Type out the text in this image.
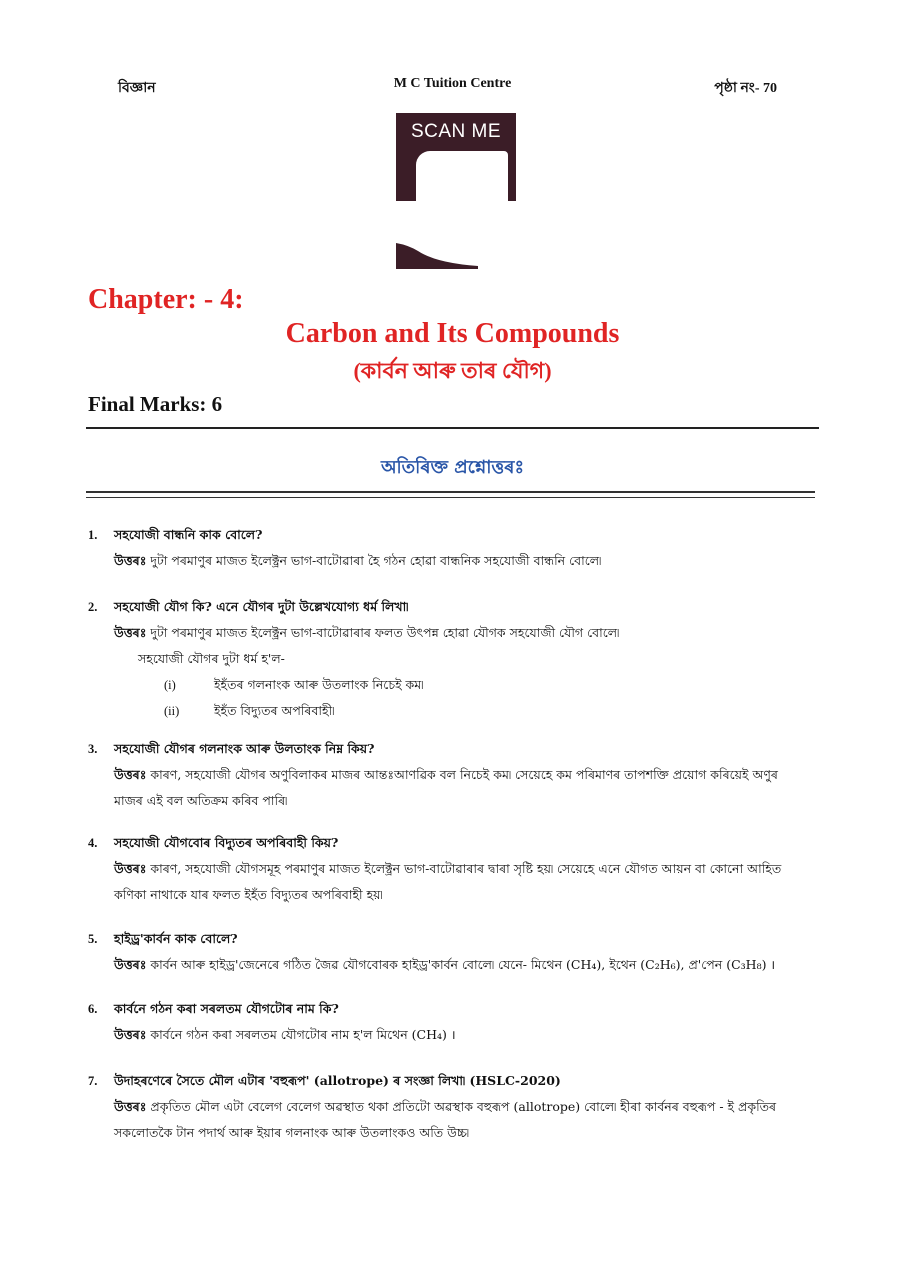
বিজ্ঞান	M C Tuition Centre	পৃষ্ঠা নং- 70
SCAN ME
Chapter: - 4:
Carbon and Its Compounds
(কাৰ্বন আৰু তাৰ যৌগ)
Final Marks: 6
অতিৰিক্ত প্ৰশ্নোত্তৰঃ
1. সহযোজী বান্ধনি কাক বোলে?
উত্তৰঃ দুটা পৰমাণুৰ মাজত ইলেক্ট্ৰন ভাগ-বাটোৱাৰা হৈ গঠন হোৱা বান্ধনিক সহযোজী বান্ধনি বোলে৷
2. সহযোজী যৌগ কি? এনে যৌগৰ দুটা উল্লেখযোগ্য ধৰ্ম লিখা৷
উত্তৰঃ দুটা পৰমাণুৰ মাজত ইলেক্ট্ৰন ভাগ-বাটোৱাৰাৰ ফলত উৎপন্ন হোৱা যৌগক সহযোজী যৌগ বোলে৷
সহযোজী যৌগৰ দুটা ধৰ্ম হ'ল-
(i)	ইহঁতৰ গলনাংক আৰু উতলাংক নিচেই কম৷
(ii)	ইহঁত বিদ্যুতৰ অপৰিবাহী৷
3. সহযোজী যৌগৰ গলনাংক আৰু উলতাংক নিম্ন কিয়?
উত্তৰঃ কাৰণ, সহযোজী যৌগৰ অণুবিলাকৰ মাজৰ আন্তঃআণৱিক বল নিচেই কম৷ সেয়েহে কম পৰিমাণৰ তাপশক্তি প্ৰয়োগ কৰিয়েই অণুৰ
মাজৰ এই বল অতিক্ৰম কৰিব পাৰি৷
4. সহযোজী যৌগবোৰ বিদ্যুতৰ অপৰিবাহী কিয়?
উত্তৰঃ কাৰণ, সহযোজী যৌগসমূহ পৰমাণুৰ মাজত ইলেক্ট্ৰন ভাগ-বাটোৱাৰাৰ দ্বাৰা সৃষ্টি হয়৷ সেয়েহে এনে যৌগত আয়ন বা কোনো আহিত
কণিকা নাথাকে যাৰ ফলত ইহঁত বিদ্যুতৰ অপৰিবাহী হয়৷
5. হাইড্ৰ'কাৰ্বন কাক বোলে?
উত্তৰঃ কাৰ্বন আৰু হাইড্ৰ'জেনেৰে গঠিত জৈৱ যৌগবোৰক হাইড্ৰ'কাৰ্বন বোলে৷ যেনে- মিথেন (CH₄), ইথেন (C₂H₆), প্ৰ'পেন (C₃H₈) ।
6. কাৰ্বনে গঠন কৰা সৰলতম যৌগটোৰ নাম কি?
উত্তৰঃ কাৰ্বনে গঠন কৰা সৰলতম যৌগটোৰ নাম হ'ল মিথেন (CH₄) ।
7. উদাহৰণেৰে সৈতে মৌল এটাৰ 'বহুৰূপ' (allotrope) ৰ সংজ্ঞা লিখা৷ (HSLC-2020)
উত্তৰঃ প্ৰকৃতিত মৌল এটা বেলেগ বেলেগ অৱস্থাত থকা প্ৰতিটো অৱস্থাক বহুৰূপ (allotrope) বোলে৷ হীৰা কাৰ্বনৰ বহুৰূপ - ই প্ৰকৃতিৰ
সকলোতকৈ টান পদাৰ্থ আৰু ইয়াৰ গলনাংক আৰু উতলাংকও অতি উচ্চ৷
